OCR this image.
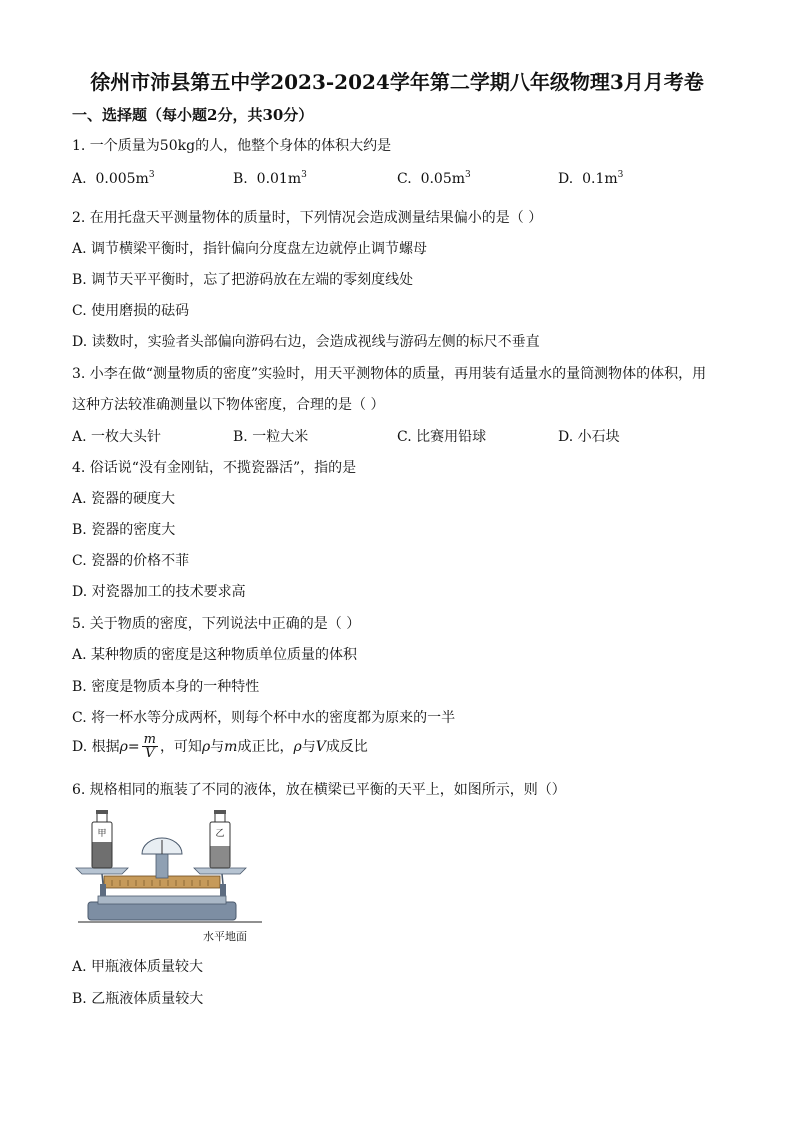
徐州市沛县第五中学2023-2024学年第二学期八年级物理3月月考卷
一、选择题（每小题2分，共30分）
1. 一个质量为50kg的人，他整个身体的体积大约是
A. $0.005m^3$	B. $0.01m^3$	C. $0.05m^3$	D. $0.1m^3$
2. 在用托盘天平测量物体的质量时，下列情况会造成测量结果偏小的是（ ）
A. 调节横梁平衡时，指针偏向分度盘左边就停止调节螺母
B. 调节天平平衡时，忘了把游码放在左端的零刻度线处
C. 使用磨损的砝码
D. 读数时，实验者头部偏向游码右边，会造成视线与游码左侧的标尺不垂直
3. 小李在做“测量物质的密度”实验时，用天平测物体的质量，再用装有适量水的量筒测物体的体积，用
这种方法较准确测量以下物体密度，合理的是（ ）
A. 一枚大头针	B. 一粒大米	C. 比赛用铅球	D. 小石块
4. 俗话说“没有金刚钻，不揽瓷器活”，指的是
A. 瓷器的硬度大
B. 瓷器的密度大
C. 瓷器的价格不菲
D. 对瓷器加工的技术要求高
5. 关于物质的密度，下列说法中正确的是（ ）
A. 某种物质的密度是这种物质单位质量的体积
B. 密度是物质本身的一种特性
C. 将一杯水等分成两杯，则每个杯中水的密度都为原来的一半
D. 根据$\rho= \frac{m}{V}$ ，可知ρ与m成正比，ρ与V成反比
6. 规格相同的瓶装了不同的液体，放在横梁已平衡的天平上，如图所示，则（）
甲	乙
水平地面
A. 甲瓶液体质量较大
B. 乙瓶液体质量较大
